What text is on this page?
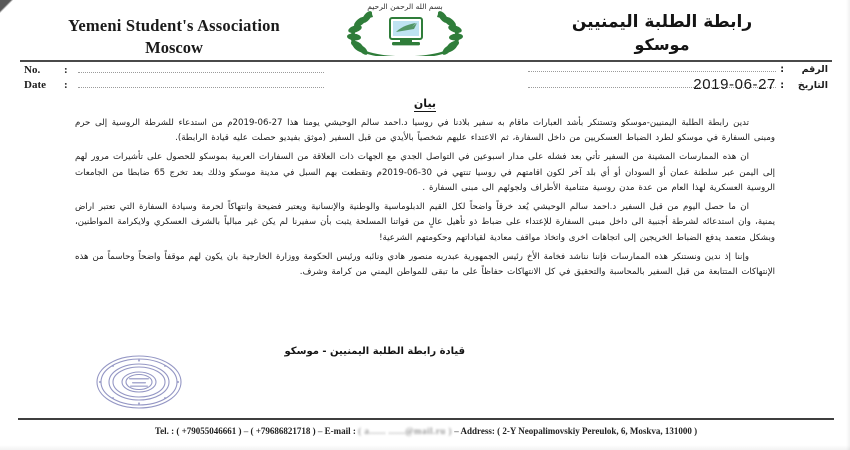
Yemeni Student's Association
Moscow
بسم الله الرحمن الرحيم
رابطة الطلبة اليمنيين
موسكو
No.	:
Date	:
الرقم
:
التاريخ
:
2019-06-27
بيان

تدين رابطة الطلبة اليمنيين-موسكو وتستنكر بأشد العبارات ماقام به سفير بلادنا في روسيا د.احمد سالم الوحيشي يوم​نا هذا 27-06-2019م من استدعاء للشرطة الروسية إلى حرم ومبنى السفارة في موسكو لطرد الضباط العسكريين من داخل السفارة، ثم الاعتداء عليهم شخصياً بالأيدي من قبل السفير (موثق بفيديو حصلت عليه قيادة الرابطة).

ان هذه الممارسات المشينة من السفير تأتي بعد فشله على مدار اسبوعين في التواصل الجدي مع الجهات ذات العلاقة من السفارات العربية بموسكو للحصول على تأشيرات مرور لهم إلى اليمن عبر سلطنة عمان أو السودان أو أي بلد آخر لكون اقامتهم في روسيا تنتهي في 30-06-2019م وتقطعت بهم السبل في مدينة موسكو وذلك بعد تخرج 65 ضابطا من الجامعات الروسية العسكرية لهذا العام من عدة مدن روسية متنامية الأطراف ولجوئهم الى مبنى السفارة .

ان ما حصل اليوم من قبل السفير د.احمد سالم الوحيشي يُعد خرقاً واضحاً لكل القيم الدبلوماسية والوطنية والإنسانية ويعتبر فضيحة وانتهاكاً لحرمة وسيادة السفارة التي تعتبر اراض يمنية، وان استدعائه لشرطة أجنبية الى داخل مبنى السفارة للإعتداء على ضباط ذو تأهيل عالٍ من قواتنا المسلحة يثبت بأن سفيرنا لم يكن غير مبالياً بالشرف العسكري ولايكرامة المواطنين، وبشكل متعمد يدفع الضباط الخريجين إلى اتجاهات اخرى واتخاذ مواقف معادية لقياداتهم وحكومتهم الشرعية!

وإننا إذ ندين ونستنكر هذه الممارسات فإننا نناشد فخامة الأخ رئيس الجمهورية عبدربه منصور هادي ونائبه ورئيس الحكومة ووزارة الخارجية بان يكون لهم موقفاً واضحاً وحاسماً من هذه الإنتهاكات المتتابعة من قبل السفير بالمحاسبة والتحقيق في كل الانتهاكات حفاظاً على ما تبقى للمواطن اليمني من كرامة وشرف.

قيادة رابطة الطلبة اليمنيين - موسكو
Tel. : ( +79055046661 ) – ( +79686821718 ) – E-mail : ( a...... ......@mail.ru ) – Address: ( 2-Y Neopalimovskiy Pereulok, 6, Moskva, 131000 )
